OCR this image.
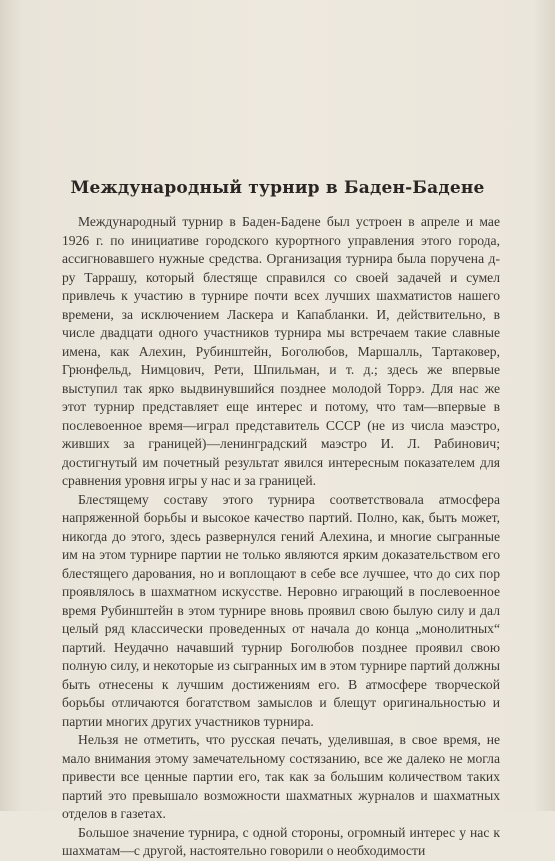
Международный турнир в Баден-Бадене

Международный турнир в Баден-Бадене был устроен в апреле и мае 1926 г. по инициативе городского курортного управления этого города, ассигновавшего нужные средства. Организация турнира была поручена д-ру Таррашу, который блестяще справился со своей задачей и сумел привлечь к участию в турнире почти всех лучших шахматистов нашего времени, за исключением Ласкера и Капабланки. И, действительно, в числе двадцати одного участников турнира мы встречаем такие славные имена, как Алехин, Рубинштейн, Боголюбов, Маршалль, Тартаковер, Грюнфельд, Нимцович, Рети, Шпильман, и т. д.; здесь же впервые выступил так ярко выдвинувшийся позднее молодой Торрэ. Для нас же этот турнир представляет еще интерес и потому, что там—впервые в послевоенное время—играл представитель СССР (не из числа маэстро, живших за границей)—ленинградский маэстро И. Л. Рабинович; достигнутый им почетный результат явился интересным показателем для сравнения уровня игры у нас и за границей.

Блестящему составу этого турнира соответствовала атмосфера напряженной борьбы и высокое качество партий. Полно, как, быть может, никогда до этого, здесь развернулся гений Алехина, и многие сыгранные им на этом турнире партии не только являются ярким доказательством его блестящего дарования, но и воплощают в себе все лучшее, что до сих пор проявлялось в шахматном искусстве. Неровно играющий в послевоенное время Рубинштейн в этом турнире вновь проявил свою былую силу и дал целый ряд классически проведенных от начала до конца „монолитных“ партий. Неудачно начавший турнир Боголюбов позднее проявил свою полную силу, и некоторые из сыгранных им в этом турнире партий должны быть отнесены к лучшим достижениям его. В атмосфере творческой борьбы отличаются богатством замыслов и блещут оригинальностью и партии многих других участников турнира.

Нельзя не отметить, что русская печать, уделившая, в свое время, не мало внимания этому замечательному состязанию, все же далеко не могла привести все ценные партии его, так как за большим количеством таких партий это превышало возможности шахматных журналов и шахматных отделов в газетах.

Большое значение турнира, с одной стороны, огромный интерес у нас к шахматам—с другой, настоятельно говорили о необходимости
